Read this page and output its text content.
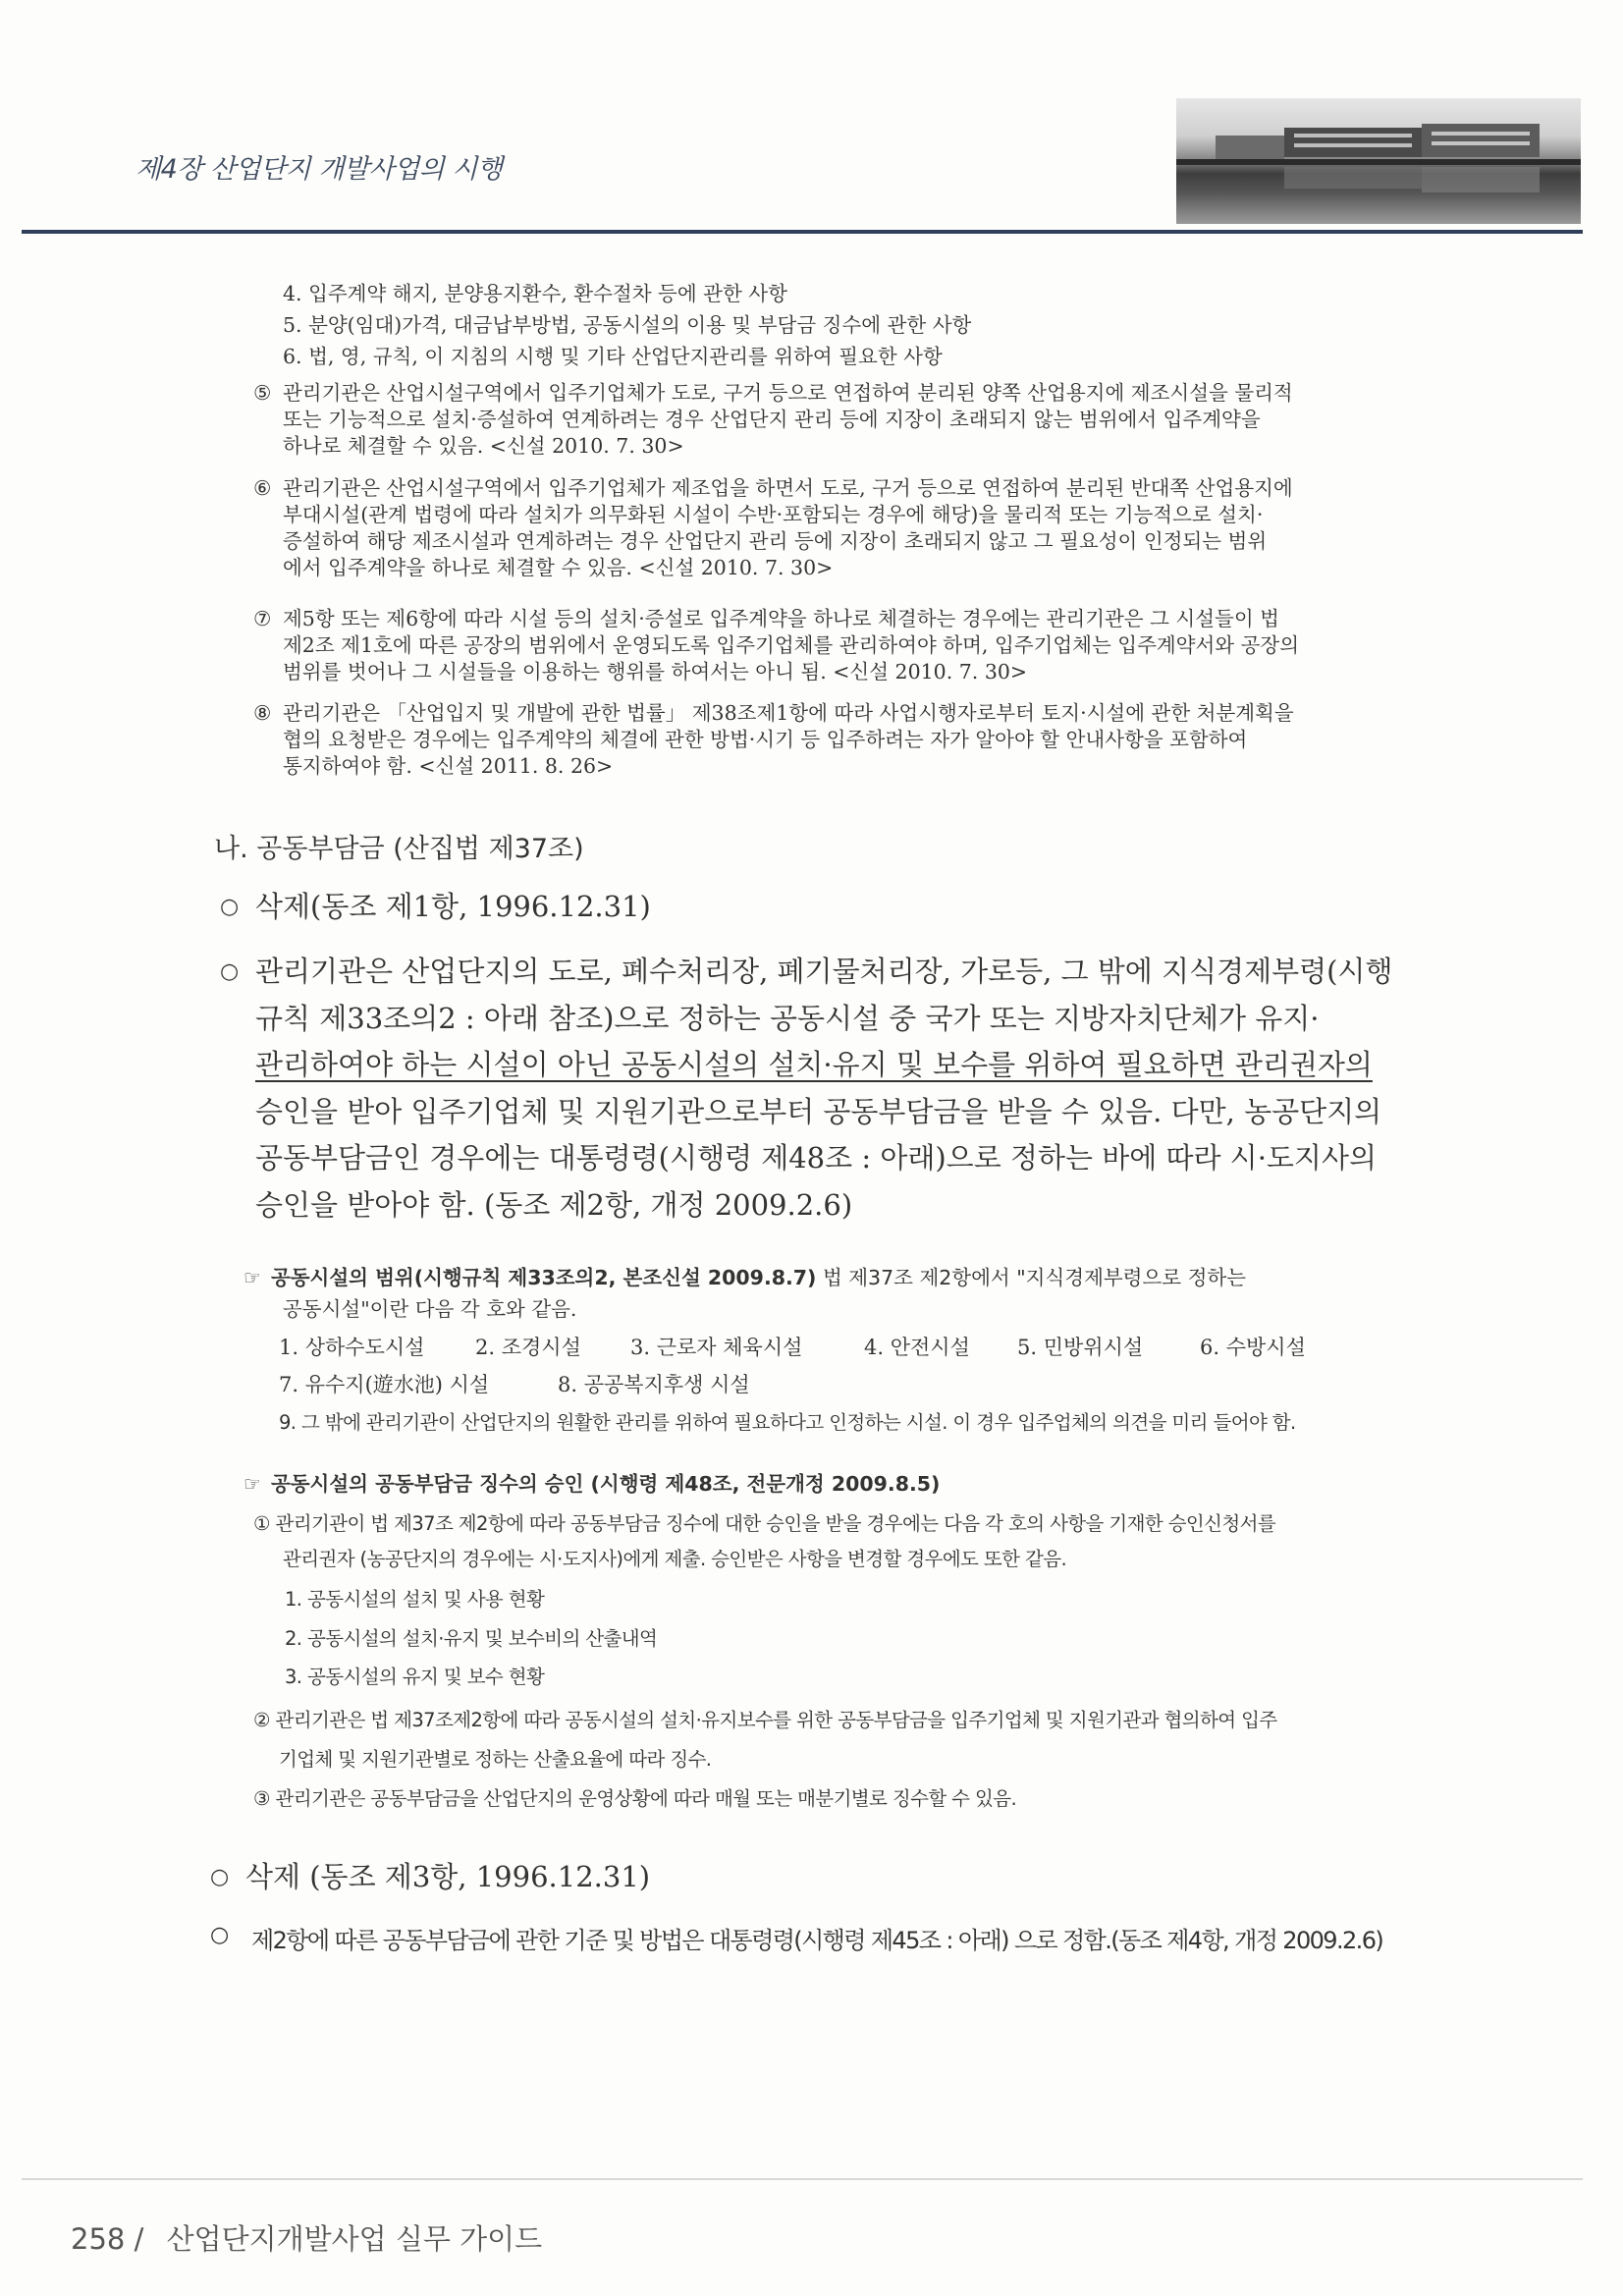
제4장 산업단지 개발사업의 시행
4. 입주계약 해지, 분양용지환수, 환수절차 등에 관한 사항
5. 분양(임대)가격, 대금납부방법, 공동시설의 이용 및 부담금 징수에 관한 사항
6. 법, 영, 규칙, 이 지침의 시행 및 기타 산업단지관리를 위하여 필요한 사항
⑤ 관리기관은 산업시설구역에서 입주기업체가 도로, 구거 등으로 연접하여 분리된 양쪽 산업용지에 제조시설을 물리적
또는 기능적으로 설치·증설하여 연계하려는 경우 산업단지 관리 등에 지장이 초래되지 않는 범위에서 입주계약을
하나로 체결할 수 있음. <신설 2010. 7. 30>
⑥ 관리기관은 산업시설구역에서 입주기업체가 제조업을 하면서 도로, 구거 등으로 연접하여 분리된 반대쪽 산업용지에
부대시설(관계 법령에 따라 설치가 의무화된 시설이 수반·포함되는 경우에 해당)을 물리적 또는 기능적으로 설치·
증설하여 해당 제조시설과 연계하려는 경우 산업단지 관리 등에 지장이 초래되지 않고 그 필요성이 인정되는 범위
에서 입주계약을 하나로 체결할 수 있음. <신설 2010. 7. 30>
⑦ 제5항 또는 제6항에 따라 시설 등의 설치·증설로 입주계약을 하나로 체결하는 경우에는 관리기관은 그 시설들이 법
제2조 제1호에 따른 공장의 범위에서 운영되도록 입주기업체를 관리하여야 하며, 입주기업체는 입주계약서와 공장의
범위를 벗어나 그 시설들을 이용하는 행위를 하여서는 아니 됨. <신설 2010. 7. 30>
⑧ 관리기관은 「산업입지 및 개발에 관한 법률」 제38조제1항에 따라 사업시행자로부터 토지·시설에 관한 처분계획을
협의 요청받은 경우에는 입주계약의 체결에 관한 방법·시기 등 입주하려는 자가 알아야 할 안내사항을 포함하여
통지하여야 함. <신설 2011. 8. 26>
나. 공동부담금 (산집법 제37조)
○ 삭제(동조 제1항, 1996.12.31)
○ 관리기관은 산업단지의 도로, 폐수처리장, 폐기물처리장, 가로등, 그 밖에 지식경제부령(시행
규칙 제33조의2 : 아래 참조)으로 정하는 공동시설 중 국가 또는 지방자치단체가 유지·
관리하여야 하는 시설이 아닌 공동시설의 설치·유지 및 보수를 위하여 필요하면 관리권자의
승인을 받아 입주기업체 및 지원기관으로부터 공동부담금을 받을 수 있음. 다만, 농공단지의
공동부담금인 경우에는 대통령령(시행령 제48조 : 아래)으로 정하는 바에 따라 시·도지사의
승인을 받아야 함. (동조 제2항, 개정 2009.2.6)
☞ 공동시설의 범위(시행규칙 제33조의2, 본조신설 2009.8.7) 법 제37조 제2항에서 "지식경제부령으로 정하는
공동시설"이란 다음 각 호와 같음.
1. 상하수도시설 2. 조경시설 3. 근로자 체육시설	4. 안전시설 5. 민방위시설	6. 수방시설
7. 유수지(遊水池) 시설	8. 공공복지후생 시설
9. 그 밖에 관리기관이 산업단지의 원활한 관리를 위하여 필요하다고 인정하는 시설. 이 경우 입주업체의 의견을 미리 들어야 함.
☞ 공동시설의 공동부담금 징수의 승인 (시행령 제48조, 전문개정 2009.8.5)
① 관리기관이 법 제37조 제2항에 따라 공동부담금 징수에 대한 승인을 받을 경우에는 다음 각 호의 사항을 기재한 승인신청서를
관리권자 (농공단지의 경우에는 시·도지사)에게 제출. 승인받은 사항을 변경할 경우에도 또한 같음.
1. 공동시설의 설치 및 사용 현황
2. 공동시설의 설치·유지 및 보수비의 산출내역
3. 공동시설의 유지 및 보수 현황
② 관리기관은 법 제37조제2항에 따라 공동시설의 설치·유지보수를 위한 공동부담금을 입주기업체 및 지원기관과 협의하여 입주
기업체 및 지원기관별로 정하는 산출요율에 따라 징수.
③ 관리기관은 공동부담금을 산업단지의 운영상황에 따라 매월 또는 매분기별로 징수할 수 있음.
○ 삭제 (동조 제3항, 1996.12.31)
○ 제2항에 따른 공동부담금에 관한 기준 및 방법은 대통령령(시행령 제45조 : 아래) 으로 정함.(동조 제4항, 개정 2009.2.6)
258 / 산업단지개발사업 실무 가이드
